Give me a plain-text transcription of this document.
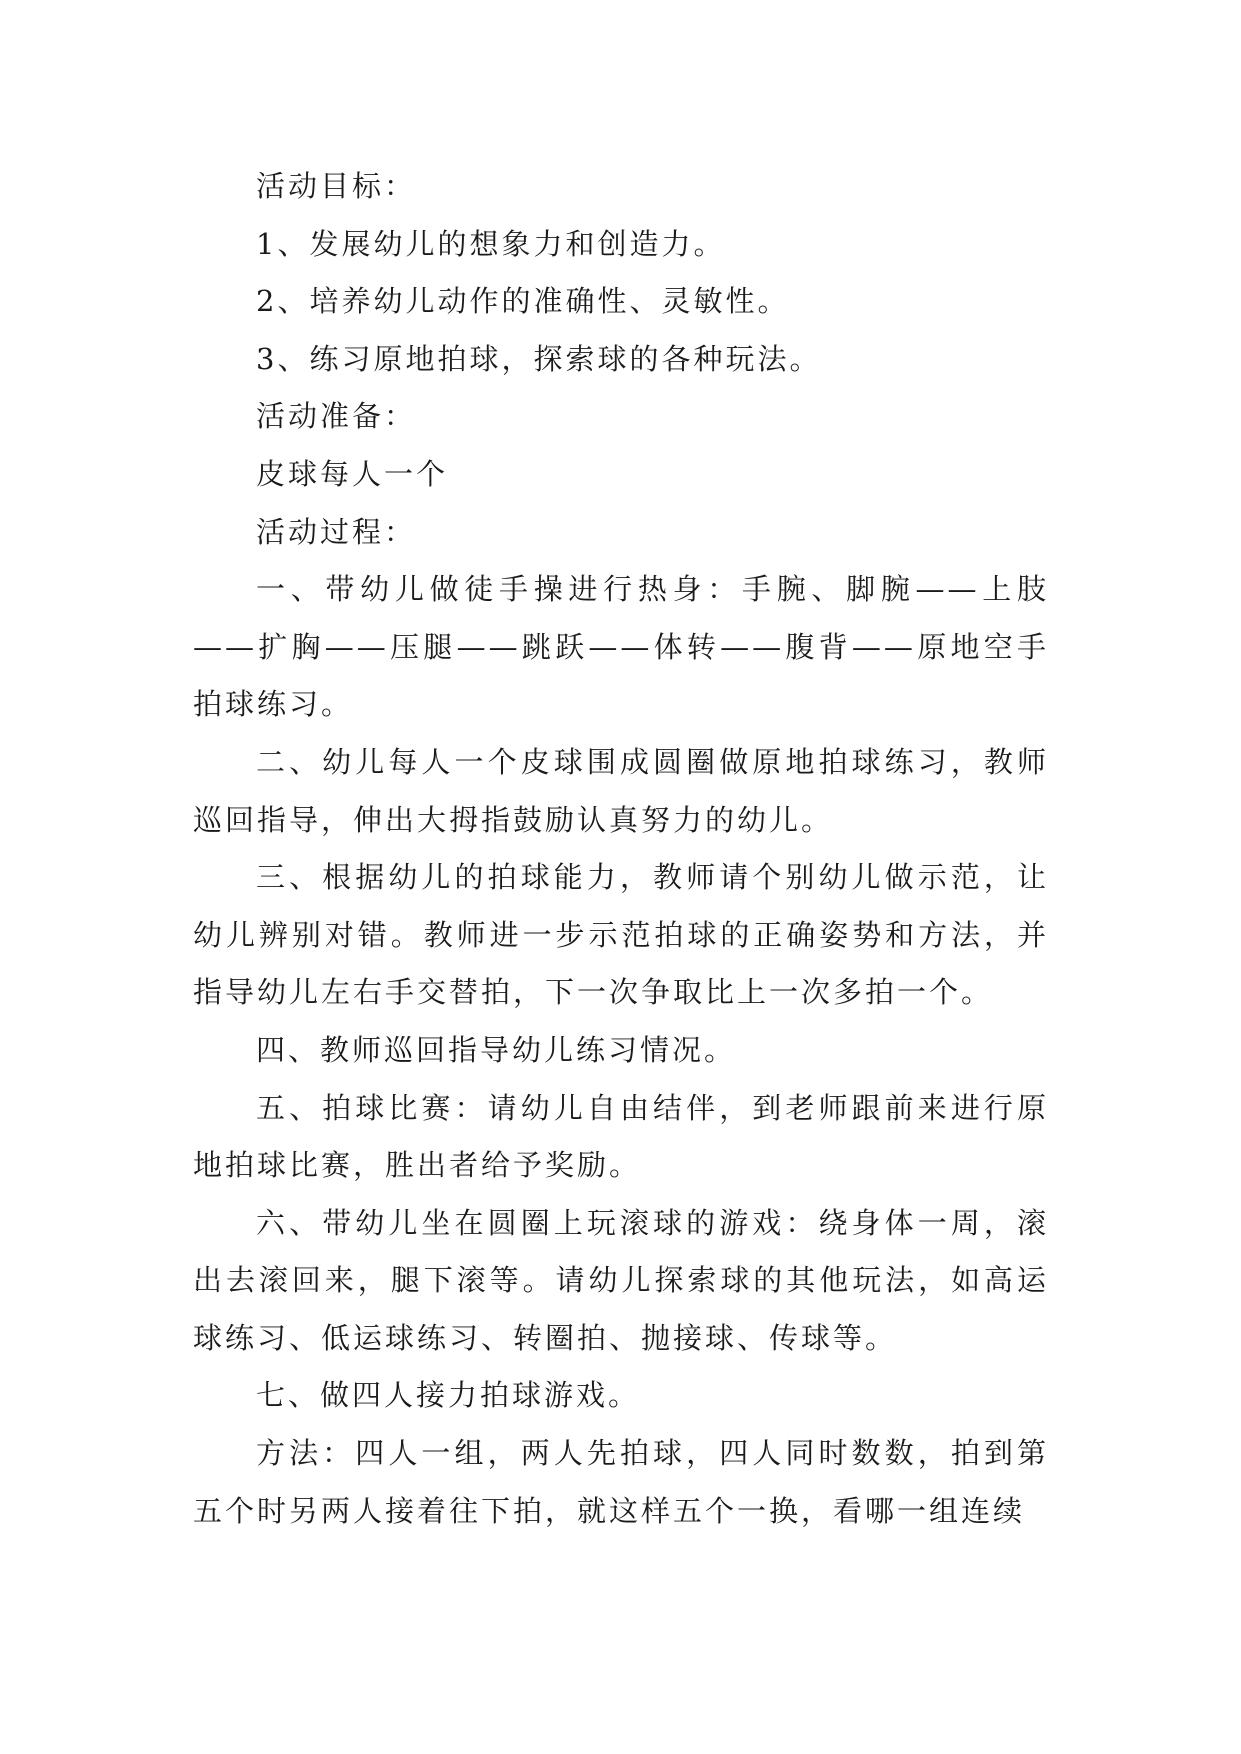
活动目标：

1、发展幼儿的想象力和创造力。

2、培养幼儿动作的准确性、灵敏性。

3、练习原地拍球，探索球的各种玩法。

活动准备：

皮球每人一个

活动过程：

一、带幼儿做徒手操进行热身：手腕、脚腕——上肢——扩胸——压腿——跳跃——体转——腹背——原地空手拍球练习。

二、幼儿每人一个皮球围成圆圈做原地拍球练习，教师巡回指导，伸出大拇指鼓励认真努力的幼儿。

三、根据幼儿的拍球能力，教师请个别幼儿做示范，让幼儿辨别对错。教师进一步示范拍球的正确姿势和方法，并指导幼儿左右手交替拍，下一次争取比上一次多拍一个。

四、教师巡回指导幼儿练习情况。

五、拍球比赛：请幼儿自由结伴，到老师跟前来进行原地拍球比赛，胜出者给予奖励。

六、带幼儿坐在圆圈上玩滚球的游戏：绕身体一周，滚出去滚回来，腿下滚等。请幼儿探索球的其他玩法，如高运球练习、低运球练习、转圈拍、抛接球、传球等。

七、做四人接力拍球游戏。

方法：四人一组，两人先拍球，四人同时数数，拍到第五个时另两人接着往下拍，就这样五个一换，看哪一组连续
